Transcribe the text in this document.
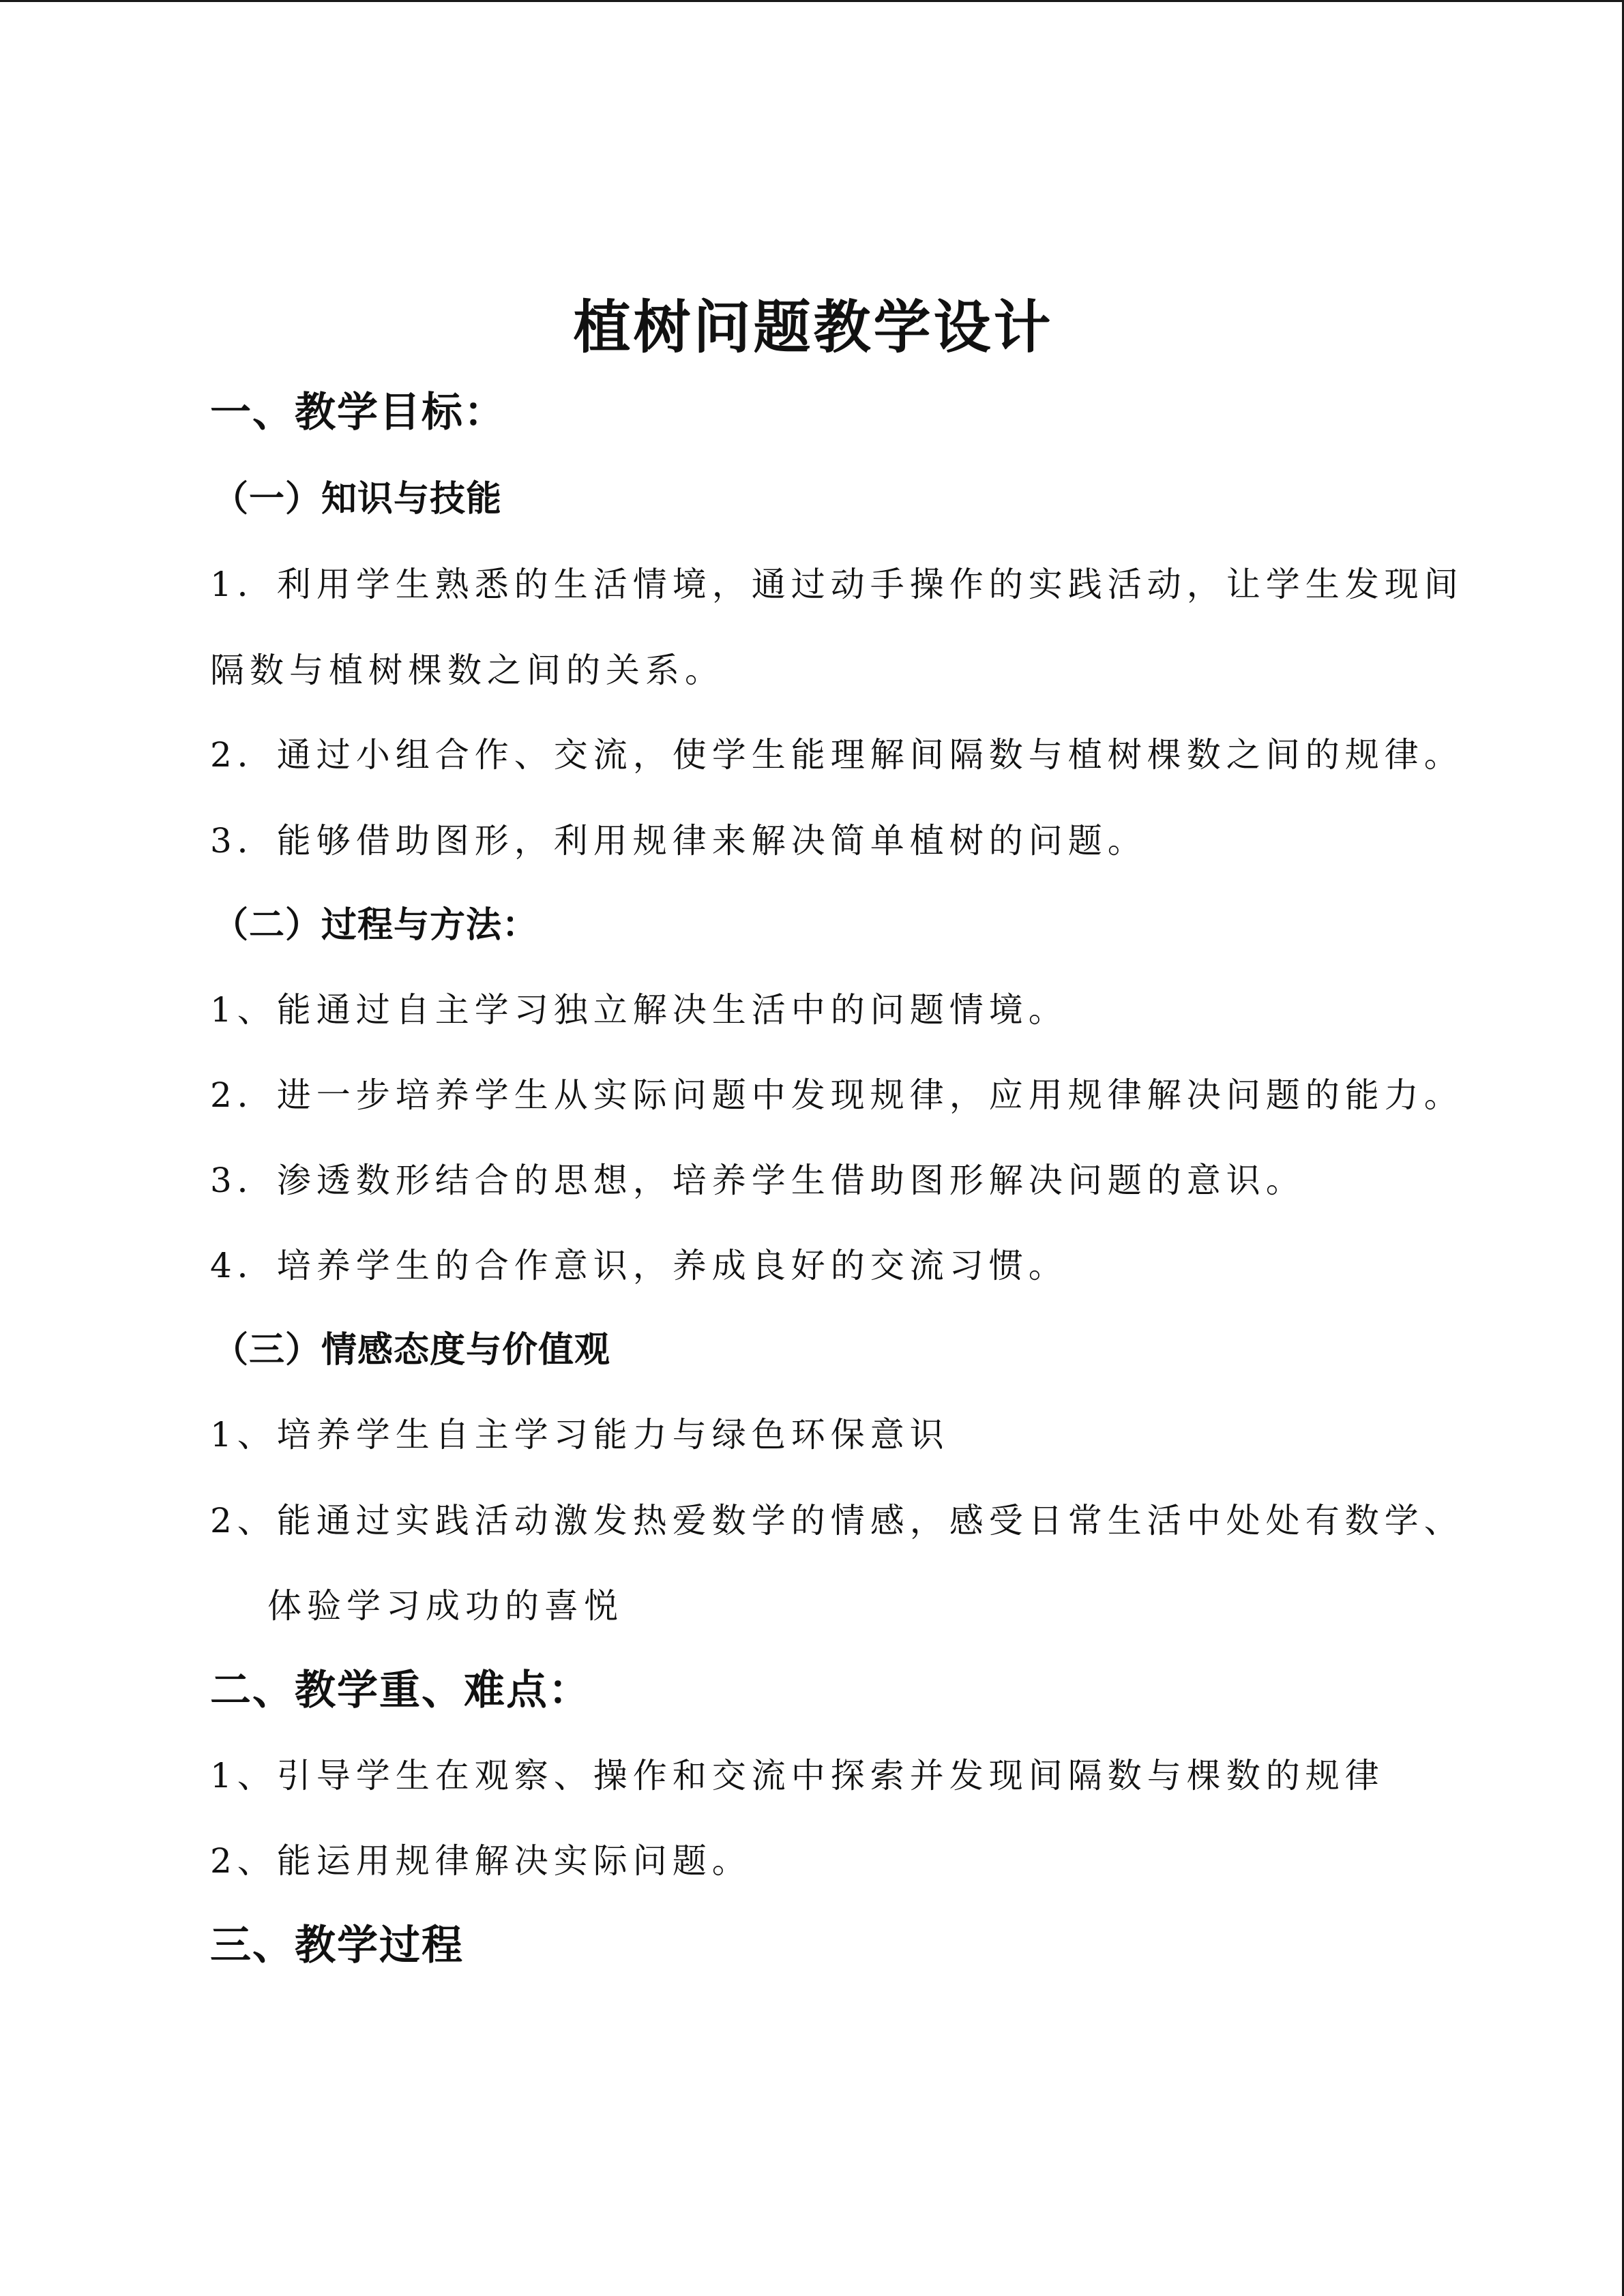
植树问题教学设计
一、教学目标：
（一）知识与技能
1．利用学生熟悉的生活情境，通过动手操作的实践活动，让学生发现间
隔数与植树棵数之间的关系。
2．通过小组合作、交流，使学生能理解间隔数与植树棵数之间的规律。
3．能够借助图形，利用规律来解决简单植树的问题。
（二）过程与方法：
1、能通过自主学习独立解决生活中的问题情境。
2．进一步培养学生从实际问题中发现规律，应用规律解决问题的能力。
3．渗透数形结合的思想，培养学生借助图形解决问题的意识。
4．培养学生的合作意识，养成良好的交流习惯。
（三）情感态度与价值观
1、培养学生自主学习能力与绿色环保意识
2、能通过实践活动激发热爱数学的情感，感受日常生活中处处有数学、
体验学习成功的喜悦
二、教学重、难点：
1、引导学生在观察、操作和交流中探索并发现间隔数与棵数的规律
2、能运用规律解决实际问题。
三、教学过程
